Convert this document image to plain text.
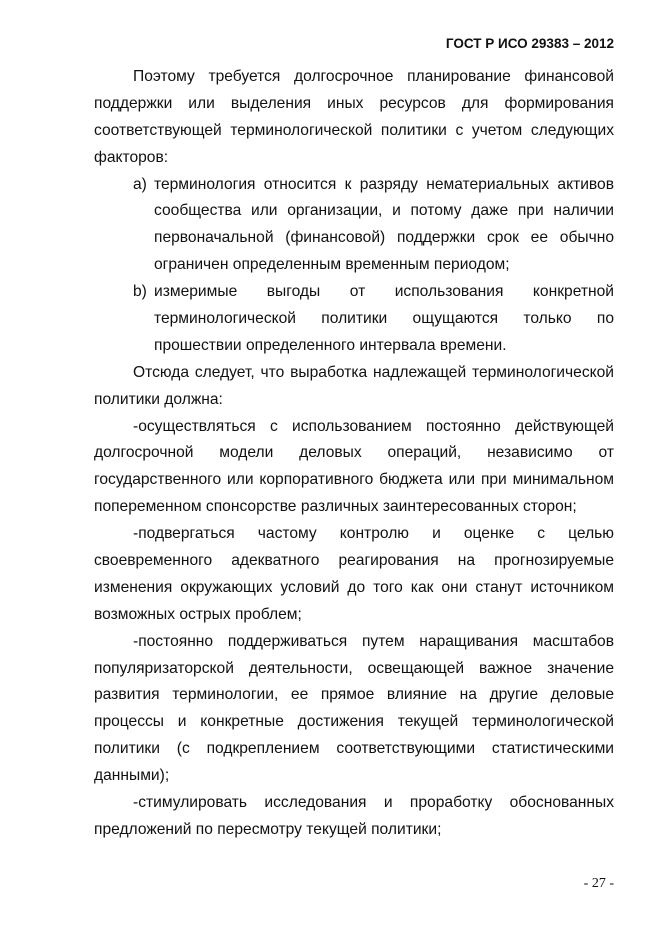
ГОСТ Р ИСО 29383 – 2012
Поэтому требуется долгосрочное планирование финансовой
поддержки или выделения иных ресурсов для формирования
соответствующей терминологической политики с учетом следующих
факторов:
a) терминология относится к разряду нематериальных активов
сообщества или организации, и потому даже при наличии
первоначальной (финансовой) поддержки срок ее обычно
ограничен определенным временным периодом;
b) измеримые выгоды от использования конкретной
терминологической политики ощущаются только по
прошествии определенного интервала времени.
Отсюда следует, что выработка надлежащей терминологической
политики должна:
-осуществляться с использованием постоянно действующей
долгосрочной модели деловых операций, независимо от
государственного или корпоративного бюджета или при минимальном
попеременном спонсорстве различных заинтересованных сторон;
-подвергаться частому контролю и оценке с целью
своевременного адекватного реагирования на прогнозируемые
изменения окружающих условий до того как они станут источником
возможных острых проблем;
-постоянно поддерживаться путем наращивания масштабов
популяризаторской деятельности, освещающей важное значение
развития терминологии, ее прямое влияние на другие деловые
процессы и конкретные достижения текущей терминологической
политики (с подкреплением соответствующими статистическими
данными);
-стимулировать исследования и проработку обоснованных
предложений по пересмотру текущей политики;
- 27 -
